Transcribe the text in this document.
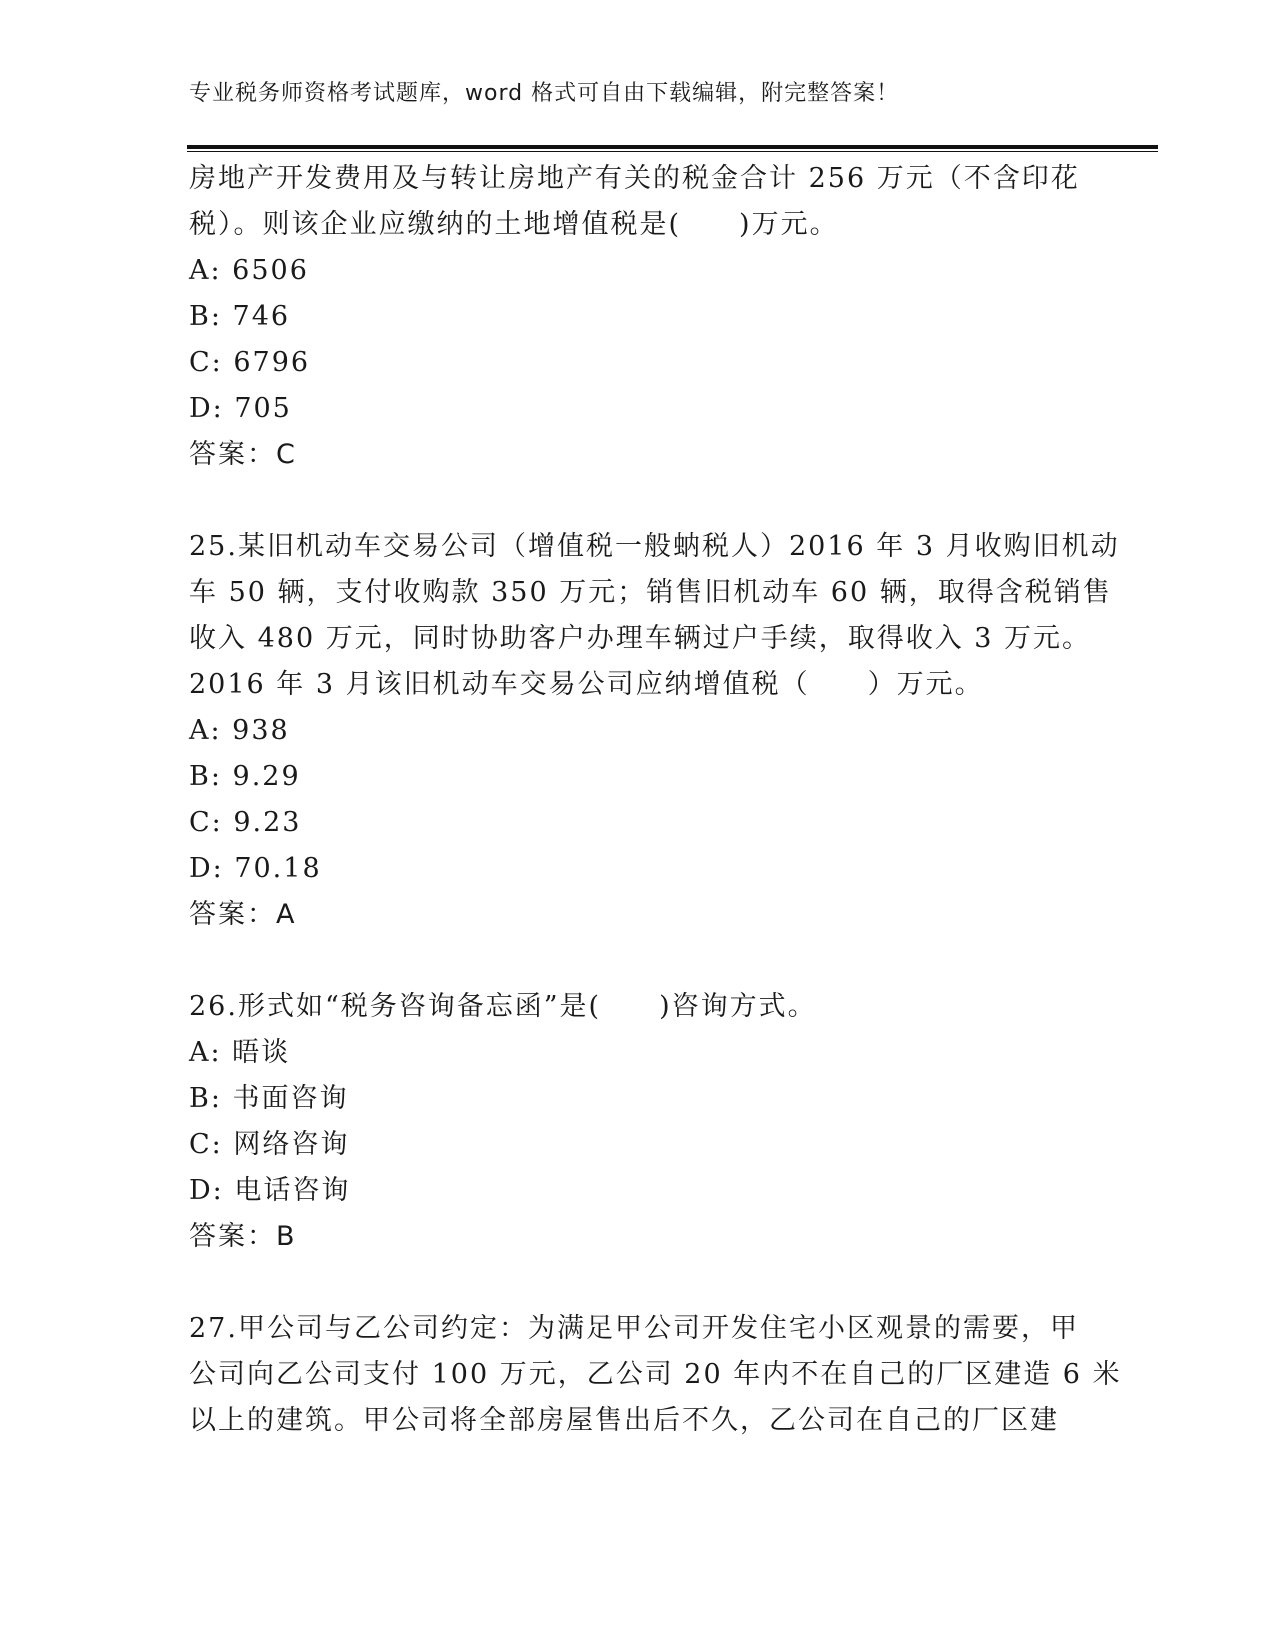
专业税务师资格考试题库，word 格式可自由下载编辑，附完整答案！
房地产开发费用及与转让房地产有关的税金合计 256 万元（不含印花
税）。则该企业应缴纳的土地增值税是(　　)万元。
A: 6506
B: 746
C: 6796
D: 705
答案：C
25.某旧机动车交易公司（增值税一般蚋税人）2016 年 3 月收购旧机动
车 50 辆，支付收购款 350 万元；销售旧机动车 60 辆，取得含税销售
收入 480 万元，同时协助客户办理车辆过户手续，取得收入 3 万元。
2016 年 3 月该旧机动车交易公司应纳增值税（　　）万元。
A: 938
B: 9.29
C: 9.23
D: 70.18
答案：A
26.形式如“税务咨询备忘函”是(　　)咨询方式。
A: 晤谈
B: 书面咨询
C: 网络咨询
D: 电话咨询
答案：B
27.甲公司与乙公司约定：为满足甲公司开发住宅小区观景的需要，甲
公司向乙公司支付 100 万元，乙公司 20 年内不在自己的厂区建造 6 米
以上的建筑。甲公司将全部房屋售出后不久，乙公司在自己的厂区建
